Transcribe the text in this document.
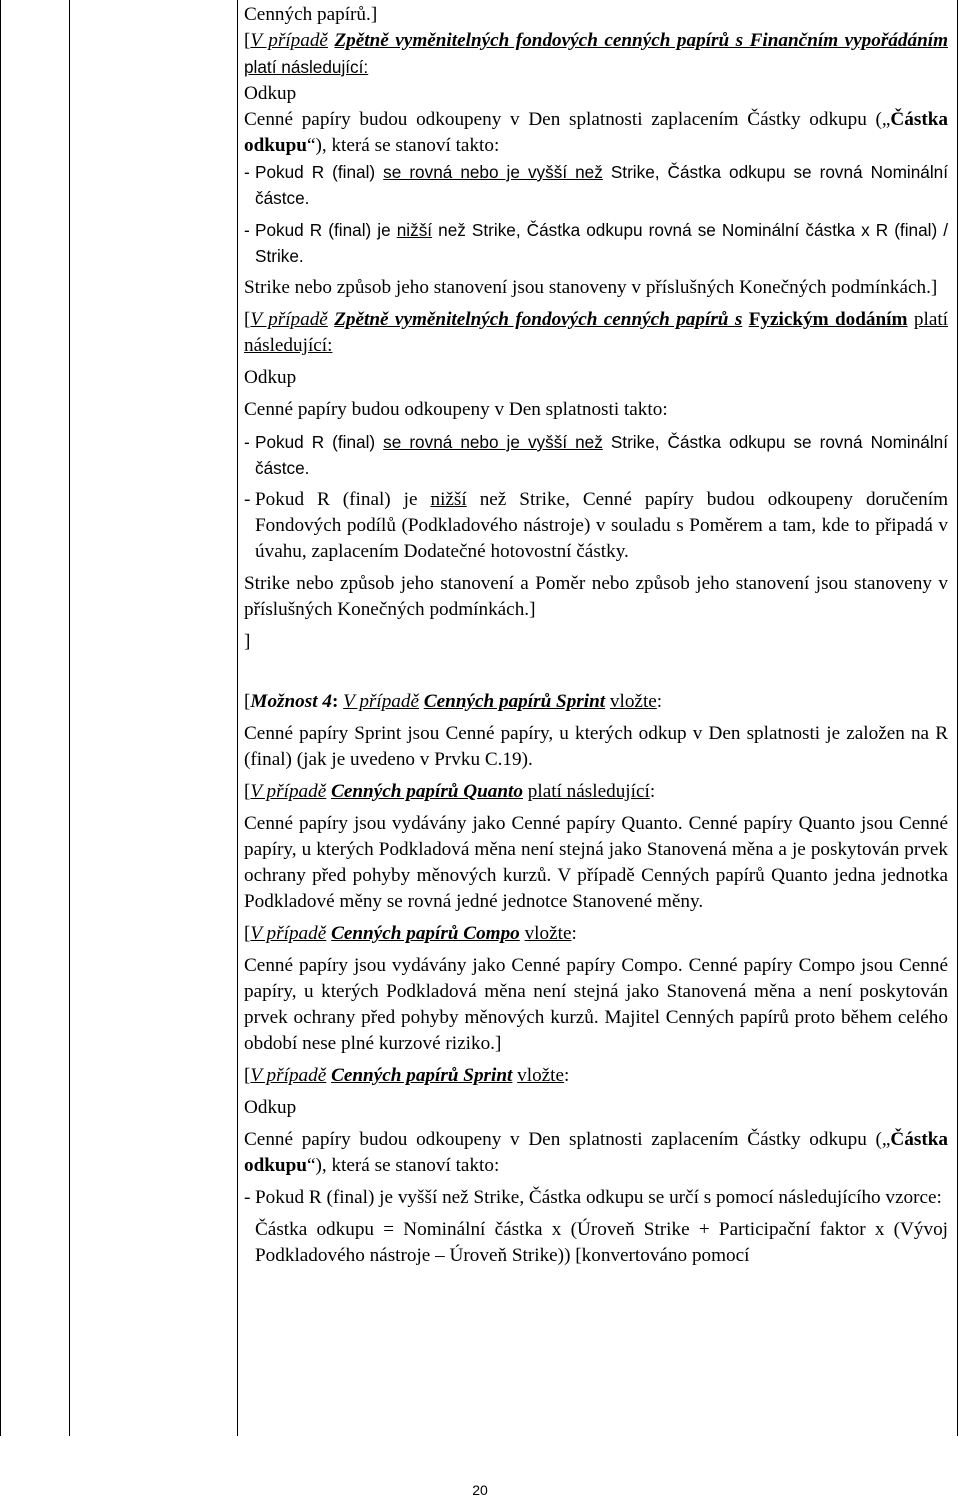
Cenných papírů.]

[V případě Zpětně vyměnitelných fondových cenných papírů s Finančním vypořádáním platí následující:

Odkup

Cenné papíry budou odkoupeny v Den splatnosti zaplacením Částky odkupu („Částka odkupu“), která se stanoví takto:

- Pokud R (final) se rovná nebo je vyšší než Strike, Částka odkupu se rovná Nominální částce.
- Pokud R (final) je nižší než Strike, Částka odkupu rovná se Nominální částka x R (final) / Strike.

Strike nebo způsob jeho stanovení jsou stanoveny v příslušných Konečných podmínkách.]

[V případě Zpětně vyměnitelných fondových cenných papírů s Fyzickým dodáním platí následující:

Odkup

Cenné papíry budou odkoupeny v Den splatnosti takto:

- Pokud R (final) se rovná nebo je vyšší než Strike, Částka odkupu se rovná Nominální částce.
- Pokud R (final) je nižší než Strike, Cenné papíry budou odkoupeny doručením Fondových podílů (Podkladového nástroje) v souladu s Poměrem a tam, kde to připadá v úvahu, zaplacením Dodatečné hotovostní částky.

Strike nebo způsob jeho stanovení a Poměr nebo způsob jeho stanovení jsou stanoveny v příslušných Konečných podmínkách.]

]

[Možnost 4: V případě Cenných papírů Sprint vložte:

Cenné papíry Sprint jsou Cenné papíry, u kterých odkup v Den splatnosti je založen na R (final) (jak je uvedeno v Prvku C.19).

[V případě Cenných papírů Quanto platí následující:

Cenné papíry jsou vydávány jako Cenné papíry Quanto. Cenné papíry Quanto jsou Cenné papíry, u kterých Podkladová měna není stejná jako Stanovená měna a je poskytován prvek ochrany před pohyby měnových kurzů. V případě Cenných papírů Quanto jedna jednotka Podkladové měny se rovná jedné jednotce Stanovené měny.

[V případě Cenných papírů Compo vložte:

Cenné papíry jsou vydávány jako Cenné papíry Compo. Cenné papíry Compo jsou Cenné papíry, u kterých Podkladová měna není stejná jako Stanovená měna a není poskytován prvek ochrany před pohyby měnových kurzů. Majitel Cenných papírů proto během celého období nese plné kurzové riziko.]

[V případě Cenných papírů Sprint vložte:

Odkup

Cenné papíry budou odkoupeny v Den splatnosti zaplacením Částky odkupu („Částka odkupu“), která se stanoví takto:

- Pokud R (final) je vyšší než Strike, Částka odkupu se určí s pomocí následujícího vzorce:
Částka odkupu = Nominální částka x (Úroveň Strike + Participační faktor x (Vývoj Podkladového nástroje – Úroveň Strike)) [konvertováno pomocí
20
